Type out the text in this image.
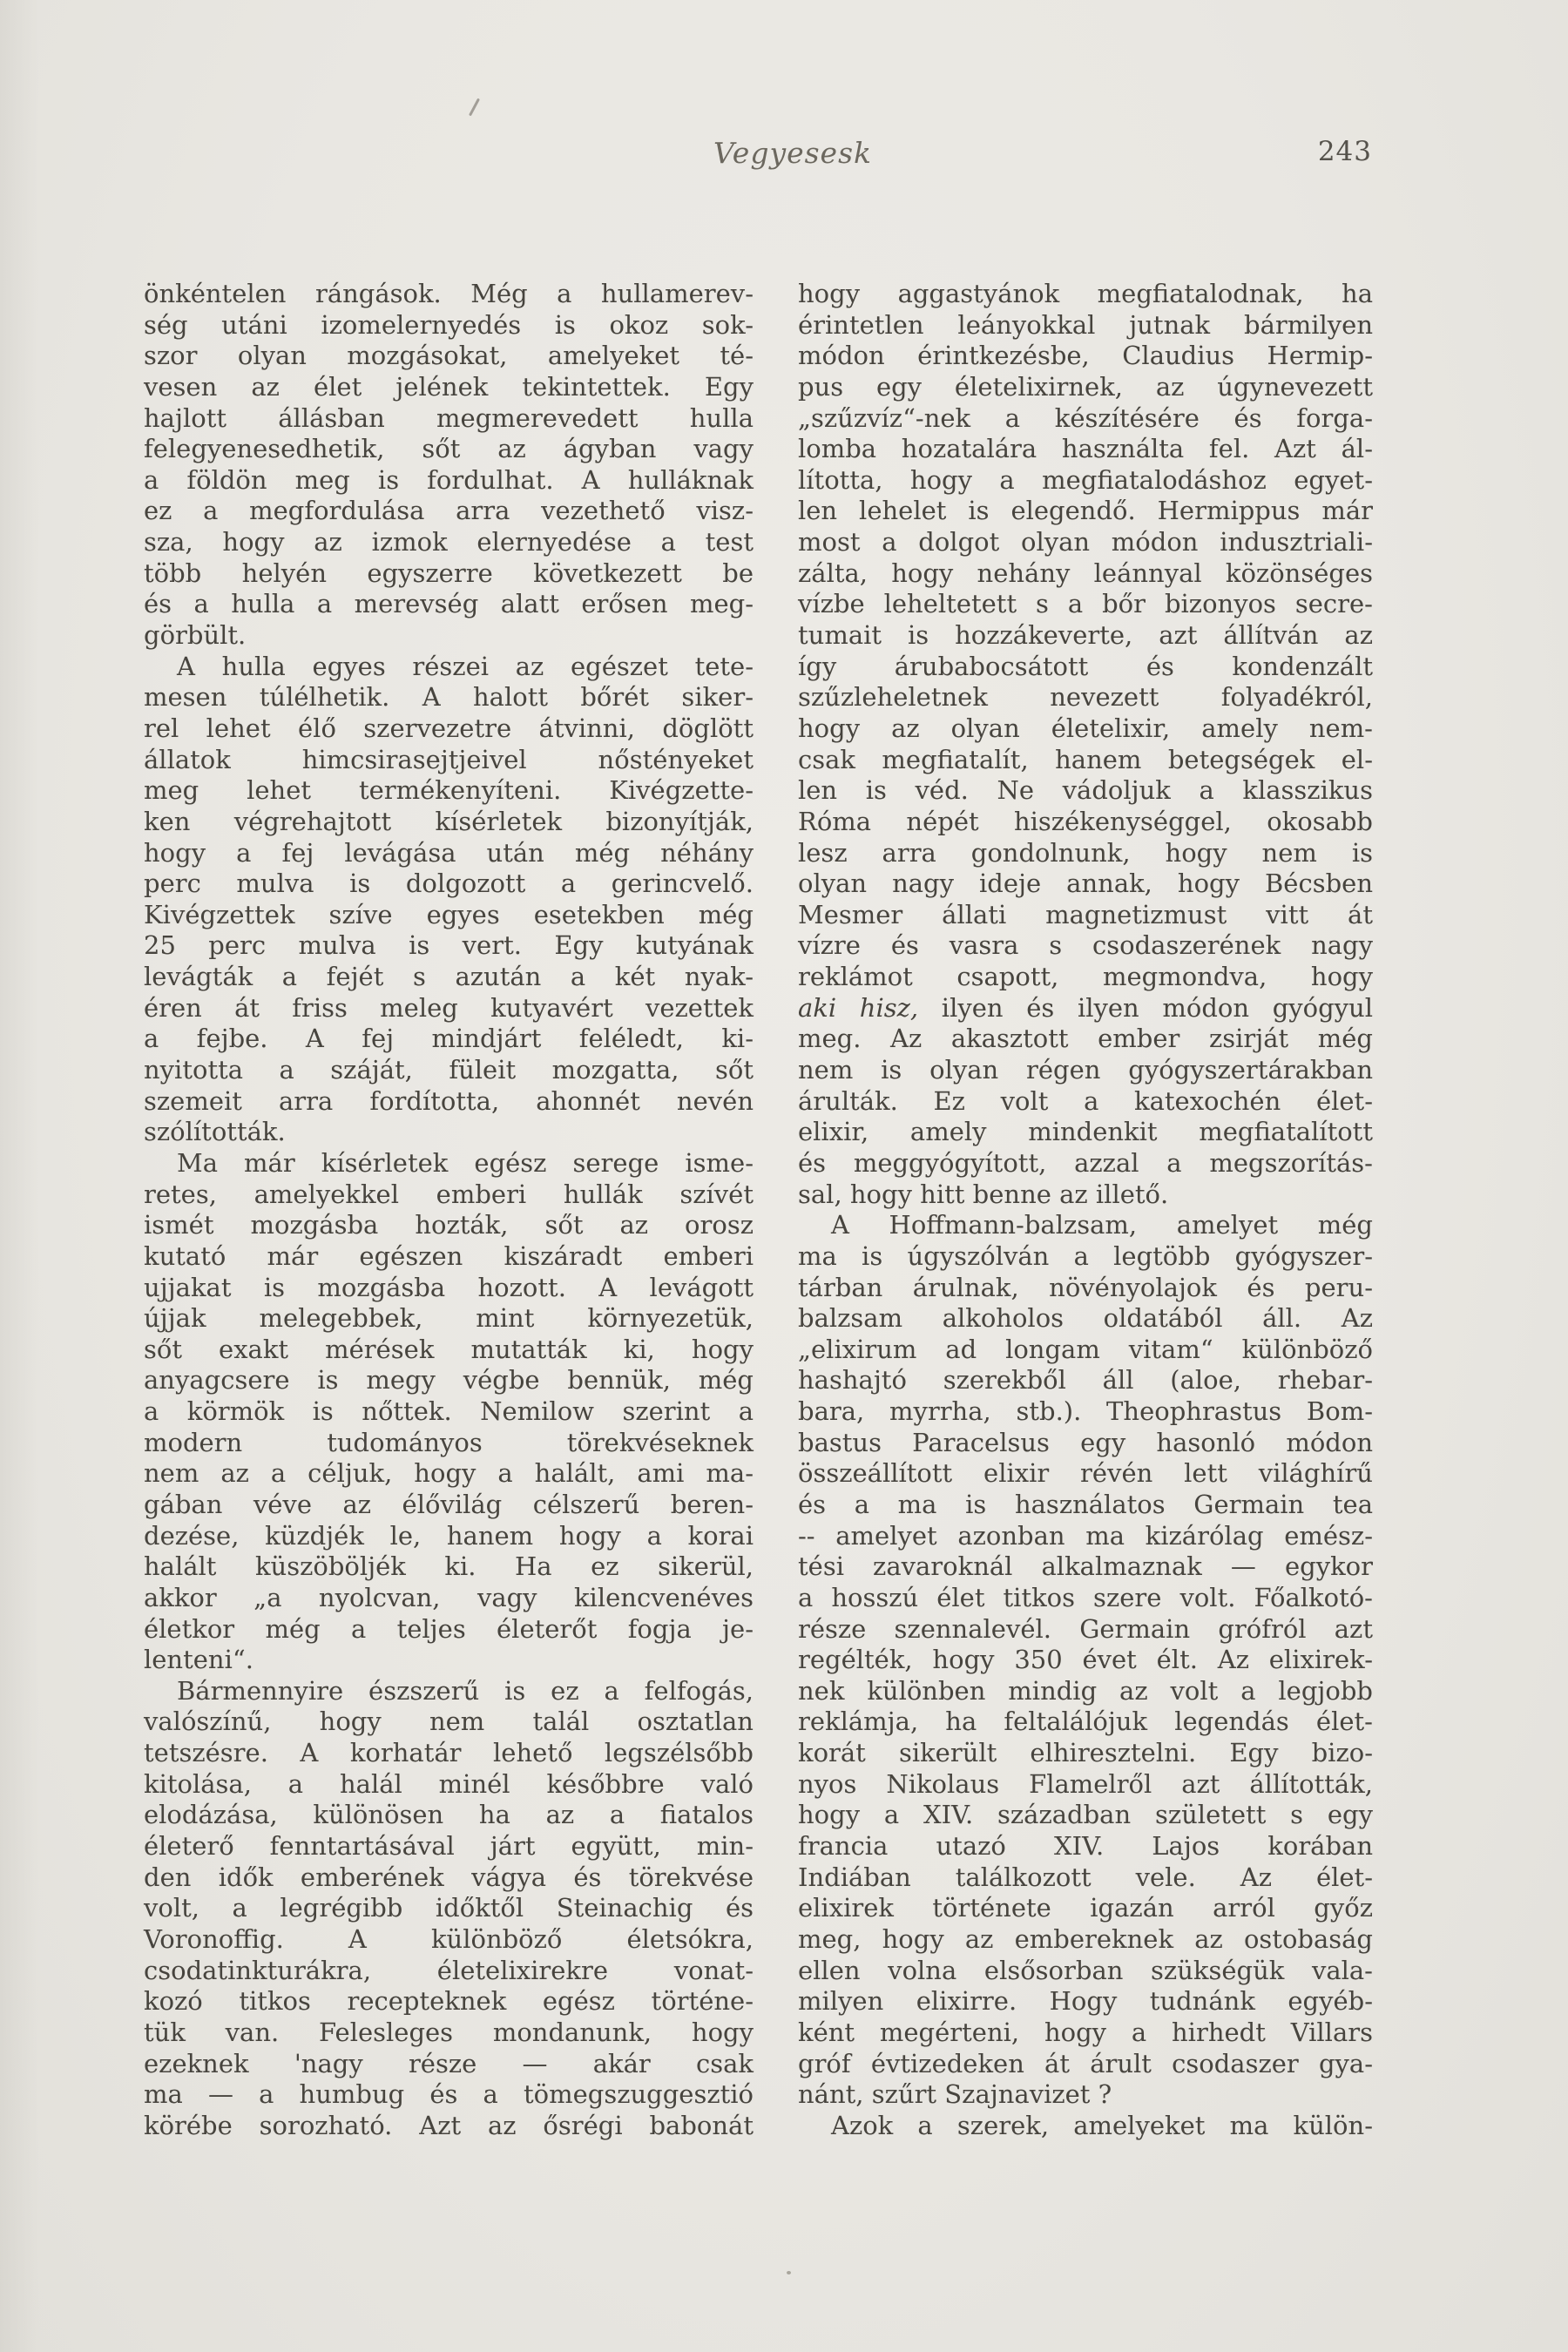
Vegyesesk	243
önkéntelen rángások. Még a hullamerev-
ség utáni izomelernyedés is okoz sok-
szor olyan mozgásokat, amelyeket té-
vesen az élet jelének tekintettek. Egy
hajlott állásban megmerevedett hulla
felegyenesedhetik, sőt az ágyban vagy
a földön meg is fordulhat. A hulláknak
ez a megfordulása arra vezethető visz-
sza, hogy az izmok elernyedése a test
több helyén egyszerre következett be
és a hulla a merevség alatt erősen meg-
görbült.
A hulla egyes részei az egészet tete-
mesen túlélhetik. A halott bőrét siker-
rel lehet élő szervezetre átvinni, döglött
állatok himcsirasejtjeivel nőstényeket
meg lehet termékenyíteni. Kivégzette-
ken végrehajtott kísérletek bizonyítják,
hogy a fej levágása után még néhány
perc mulva is dolgozott a gerincvelő.
Kivégzettek szíve egyes esetekben még
25 perc mulva is vert. Egy kutyának
levágták a fejét s azután a két nyak-
éren át friss meleg kutyavért vezettek
a fejbe. A fej mindjárt feléledt, ki-
nyitotta a száját, füleit mozgatta, sőt
szemeit arra fordította, ahonnét nevén
szólították.
Ma már kísérletek egész serege isme-
retes, amelyekkel emberi hullák szívét
ismét mozgásba hozták, sőt az orosz
kutató már egészen kiszáradt emberi
ujjakat is mozgásba hozott. A levágott
újjak melegebbek, mint környezetük,
sőt exakt mérések mutatták ki, hogy
anyagcsere is megy végbe bennük, még
a körmök is nőttek. Nemilow szerint a
modern tudományos törekvéseknek
nem az a céljuk, hogy a halált, ami ma-
gában véve az élővilág célszerű beren-
dezése, küzdjék le, hanem hogy a korai
halált küszöböljék ki. Ha ez sikerül,
akkor „a nyolcvan, vagy kilencvenéves
életkor még a teljes életerőt fogja je-
lenteni“.
Bármennyire észszerű is ez a felfogás,
valószínű, hogy nem talál osztatlan
tetszésre. A korhatár lehető legszélsőbb
kitolása, a halál minél későbbre való
elodázása, különösen ha az a fiatalos
életerő fenntartásával járt együtt, min-
den idők emberének vágya és törekvése
volt, a legrégibb időktől Steinachig és
Voronoffig. A különböző életsókra,
csodatinkturákra, életelixirekre vonat-
kozó titkos recepteknek egész történe-
tük van. Felesleges mondanunk, hogy
ezeknek 'nagy része — akár csak
ma — a humbug és a tömegszuggesztió
körébe sorozható. Azt az ősrégi babonát
hogy aggastyánok megfiatalodnak, ha
érintetlen leányokkal jutnak bármilyen
módon érintkezésbe, Claudius Hermip-
pus egy életelixirnek, az úgynevezett
„szűzvíz“-nek a készítésére és forga-
lomba hozatalára használta fel. Azt ál-
lította, hogy a megfiatalodáshoz egyet-
len lehelet is elegendő. Hermippus már
most a dolgot olyan módon indusztriali-
zálta, hogy nehány leánnyal közönséges
vízbe leheltetett s a bőr bizonyos secre-
tumait is hozzákeverte, azt állítván az
így árubabocsátott és kondenzált
szűzleheletnek nevezett folyadékról,
hogy az olyan életelixir, amely nem-
csak megfiatalít, hanem betegségek el-
len is véd. Ne vádoljuk a klasszikus
Róma népét hiszékenységgel, okosabb
lesz arra gondolnunk, hogy nem is
olyan nagy ideje annak, hogy Bécsben
Mesmer állati magnetizmust vitt át
vízre és vasra s csodaszerének nagy
reklámot csapott, megmondva, hogy
aki hisz, ilyen és ilyen módon gyógyul
meg. Az akasztott ember zsirját még
nem is olyan régen gyógyszertárakban
árulták. Ez volt a katexochén élet-
elixir, amely mindenkit megfiatalított
és meggyógyított, azzal a megszorítás-
sal, hogy hitt benne az illető.
A Hoffmann-balzsam, amelyet még
ma is úgyszólván a legtöbb gyógyszer-
tárban árulnak, növényolajok és peru-
balzsam alkoholos oldatából áll. Az
„elixirum ad longam vitam“ különböző
hashajtó szerekből áll (aloe, rhebar-
bara, myrrha, stb.). Theophrastus Bom-
bastus Paracelsus egy hasonló módon
összeállított elixir révén lett világhírű
és a ma is használatos Germain tea
-- amelyet azonban ma kizárólag emész-
tési zavaroknál alkalmaznak — egykor
a hosszú élet titkos szere volt. Főalkotó-
része szennalevél. Germain grófról azt
regélték, hogy 350 évet élt. Az elixirek-
nek különben mindig az volt a legjobb
reklámja, ha feltalálójuk legendás élet-
korát sikerült elhiresztelni. Egy bizo-
nyos Nikolaus Flamelről azt állították,
hogy a XIV. században született s egy
francia utazó XIV. Lajos korában
Indiában találkozott vele. Az élet-
elixirek története igazán arról győz
meg, hogy az embereknek az ostobaság
ellen volna elsősorban szükségük vala-
milyen elixirre. Hogy tudnánk egyéb-
ként megérteni, hogy a hirhedt Villars
gróf évtizedeken át árult csodaszer gya-
nánt, szűrt Szajnavizet ?
Azok a szerek, amelyeket ma külön-
